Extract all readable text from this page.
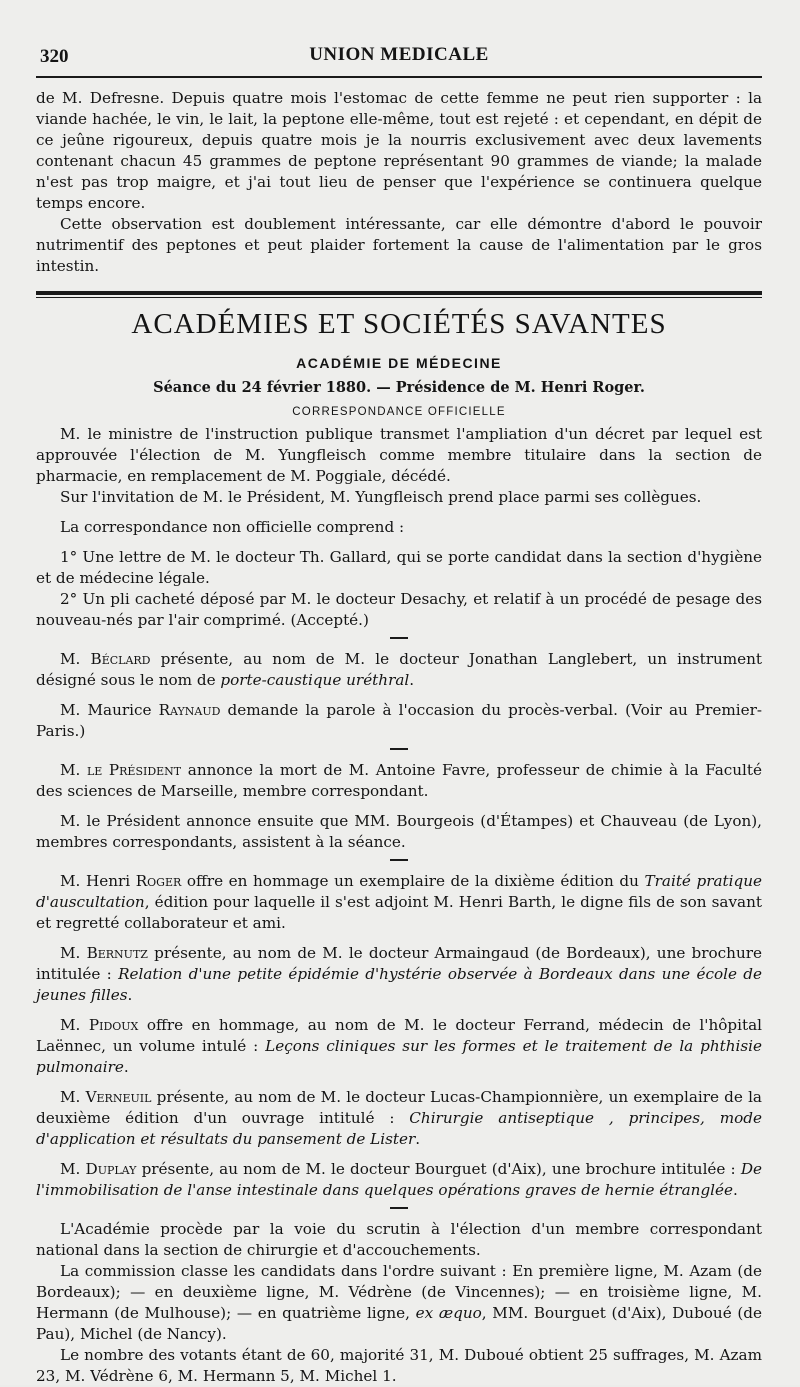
320	UNION MEDICALE

de M. Defresne. Depuis quatre mois l'estomac de cette femme ne peut rien supporter : la viande hachée, le vin, le lait, la peptone elle-même, tout est rejeté : et cependant, en dépit de ce jeûne rigoureux, depuis quatre mois je la nourris exclusivement avec deux lavements contenant chacun 45 grammes de peptone représentant 90 grammes de viande; la malade n'est pas trop maigre, et j'ai tout lieu de penser que l'expérience se continuera quelque temps encore.

Cette observation est doublement intéressante, car elle démontre d'abord le pouvoir nutrimentif des peptones et peut plaider fortement la cause de l'alimentation par le gros intestin.

ACADÉMIES ET SOCIÉTÉS SAVANTES
ACADÉMIE DE MÉDECINE
Séance du 24 février 1880. — Présidence de M. Henri Roger.
CORRESPONDANCE OFFICIELLE

M. le ministre de l'instruction publique transmet l'ampliation d'un décret par lequel est approuvée l'élection de M. Yungfleisch comme membre titulaire dans la section de pharmacie, en remplacement de M. Poggiale, décédé.

Sur l'invitation de M. le Président, M. Yungfleisch prend place parmi ses collègues.

La correspondance non officielle comprend :

1° Une lettre de M. le docteur Th. Gallard, qui se porte candidat dans la section d'hygiène et de médecine légale.

2° Un pli cacheté déposé par M. le docteur Desachy, et relatif à un procédé de pesage des nouveau-nés par l'air comprimé. (Accepté.)

M. Béclard présente, au nom de M. le docteur Jonathan Langlebert, un instrument désigné sous le nom de porte-caustique uréthral.

M. Maurice Raynaud demande la parole à l'occasion du procès-verbal. (Voir au Premier-Paris.)

M. le Président annonce la mort de M. Antoine Favre, professeur de chimie à la Faculté des sciences de Marseille, membre correspondant.

M. le Président annonce ensuite que MM. Bourgeois (d'Étampes) et Chauveau (de Lyon), membres correspondants, assistent à la séance.

M. Henri Roger offre en hommage un exemplaire de la dixième édition du Traité pratique d'auscultation, édition pour laquelle il s'est adjoint M. Henri Barth, le digne fils de son savant et regretté collaborateur et ami.

M. Bernutz présente, au nom de M. le docteur Armaingaud (de Bordeaux), une brochure intitulée : Relation d'une petite épidémie d'hystérie observée à Bordeaux dans une école de jeunes filles.

M. Pidoux offre en hommage, au nom de M. le docteur Ferrand, médecin de l'hôpital Laënnec, un volume intulé : Leçons cliniques sur les formes et le traitement de la phthisie pulmonaire.

M. Verneuil présente, au nom de M. le docteur Lucas-Championnière, un exemplaire de la deuxième édition d'un ouvrage intitulé : Chirurgie antiseptique , principes, mode d'application et résultats du pansement de Lister.

M. Duplay présente, au nom de M. le docteur Bourguet (d'Aix), une brochure intitulée : De l'immobilisation de l'anse intestinale dans quelques opérations graves de hernie étranglée.

L'Académie procède par la voie du scrutin à l'élection d'un membre correspondant national dans la section de chirurgie et d'accouchements.

La commission classe les candidats dans l'ordre suivant : En première ligne, M. Azam (de Bordeaux); — en deuxième ligne, M. Védrène (de Vincennes); — en troisième ligne, M. Hermann (de Mulhouse); — en quatrième ligne, ex æquo, MM. Bourguet (d'Aix), Duboué (de Pau), Michel (de Nancy).

Le nombre des votants étant de 60, majorité 31, M. Duboué obtient 25 suffrages, M. Azam 23, M. Védrène 6, M. Hermann 5, M. Michel 1.
